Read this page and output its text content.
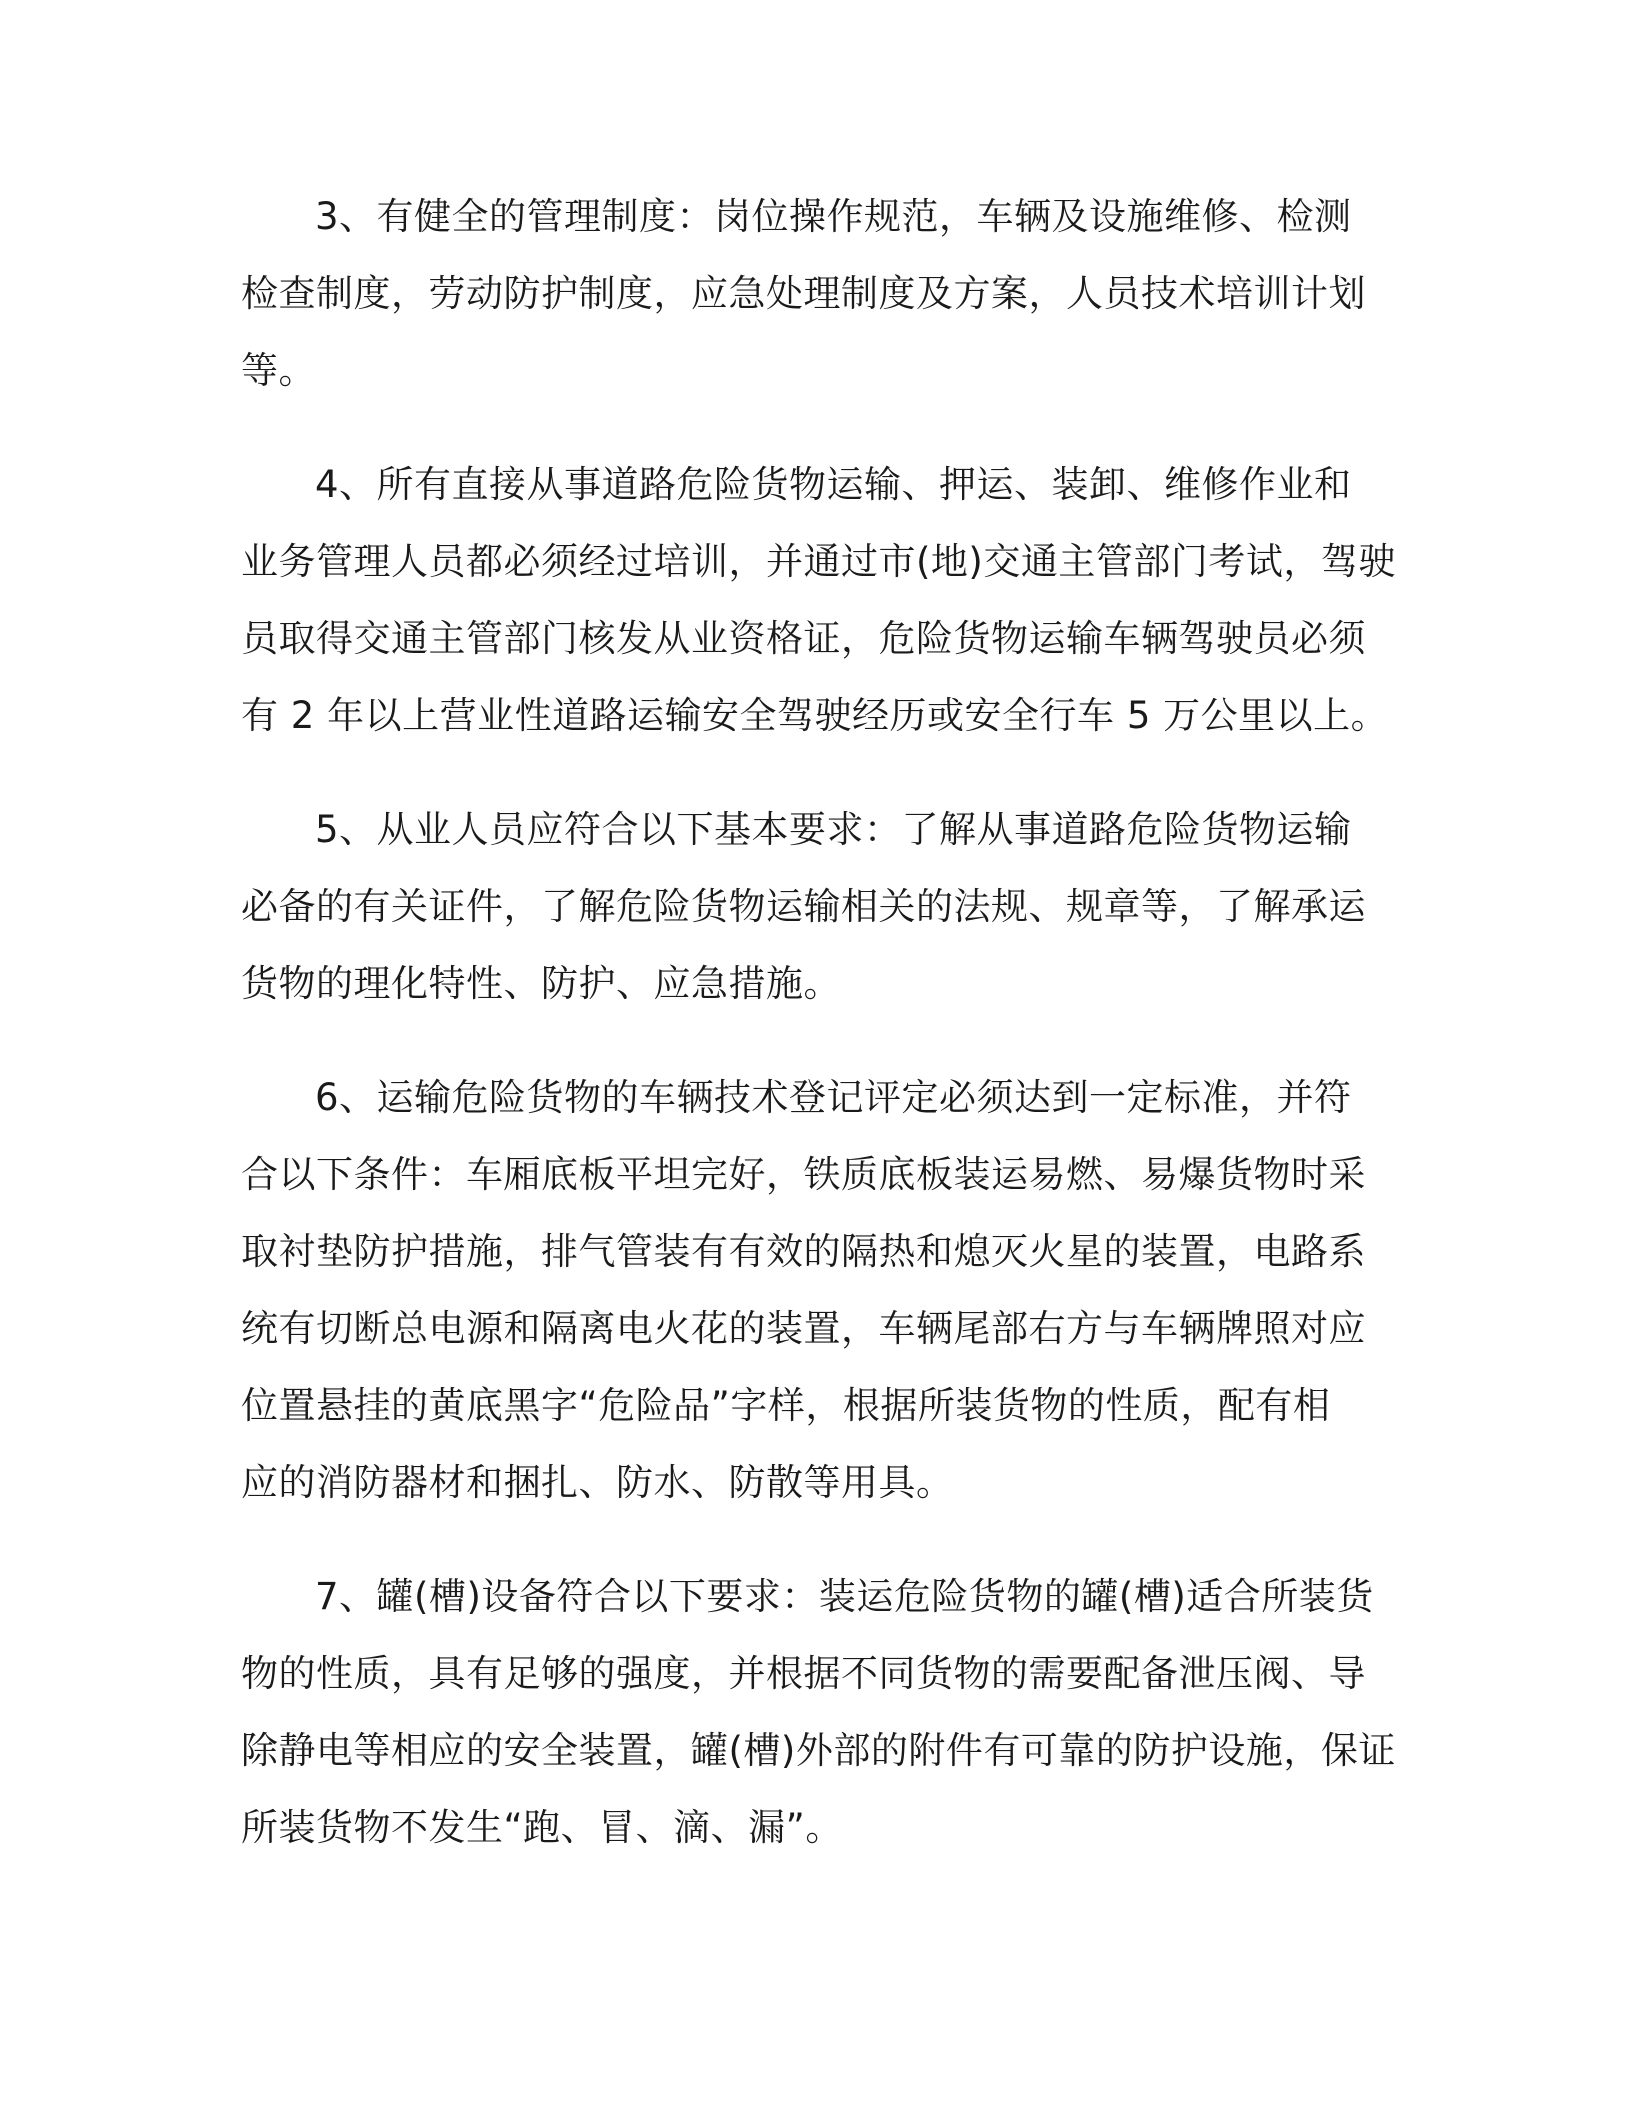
3、有健全的管理制度：岗位操作规范，车辆及设施维修、检测
检查制度，劳动防护制度，应急处理制度及方案，人员技术培训计划
等。

4、所有直接从事道路危险货物运输、押运、装卸、维修作业和
业务管理人员都必须经过培训，并通过市(地)交通主管部门考试，驾驶
员取得交通主管部门核发从业资格证，危险货物运输车辆驾驶员必须
有 2 年以上营业性道路运输安全驾驶经历或安全行车 5 万公里以上。

5、从业人员应符合以下基本要求：了解从事道路危险货物运输
必备的有关证件，了解危险货物运输相关的法规、规章等，了解承运
货物的理化特性、防护、应急措施。

6、运输危险货物的车辆技术登记评定必须达到一定标准，并符
合以下条件：车厢底板平坦完好，铁质底板装运易燃、易爆货物时采
取衬垫防护措施，排气管装有有效的隔热和熄灭火星的装置，电路系
统有切断总电源和隔离电火花的装置，车辆尾部右方与车辆牌照对应
位置悬挂的黄底黑字“危险品”字样，根据所装货物的性质，配有相
应的消防器材和捆扎、防水、防散等用具。

7、罐(槽)设备符合以下要求：装运危险货物的罐(槽)适合所装货
物的性质，具有足够的强度，并根据不同货物的需要配备泄压阀、导
除静电等相应的安全装置，罐(槽)外部的附件有可靠的防护设施，保证
所装货物不发生“跑、冒、滴、漏”。
